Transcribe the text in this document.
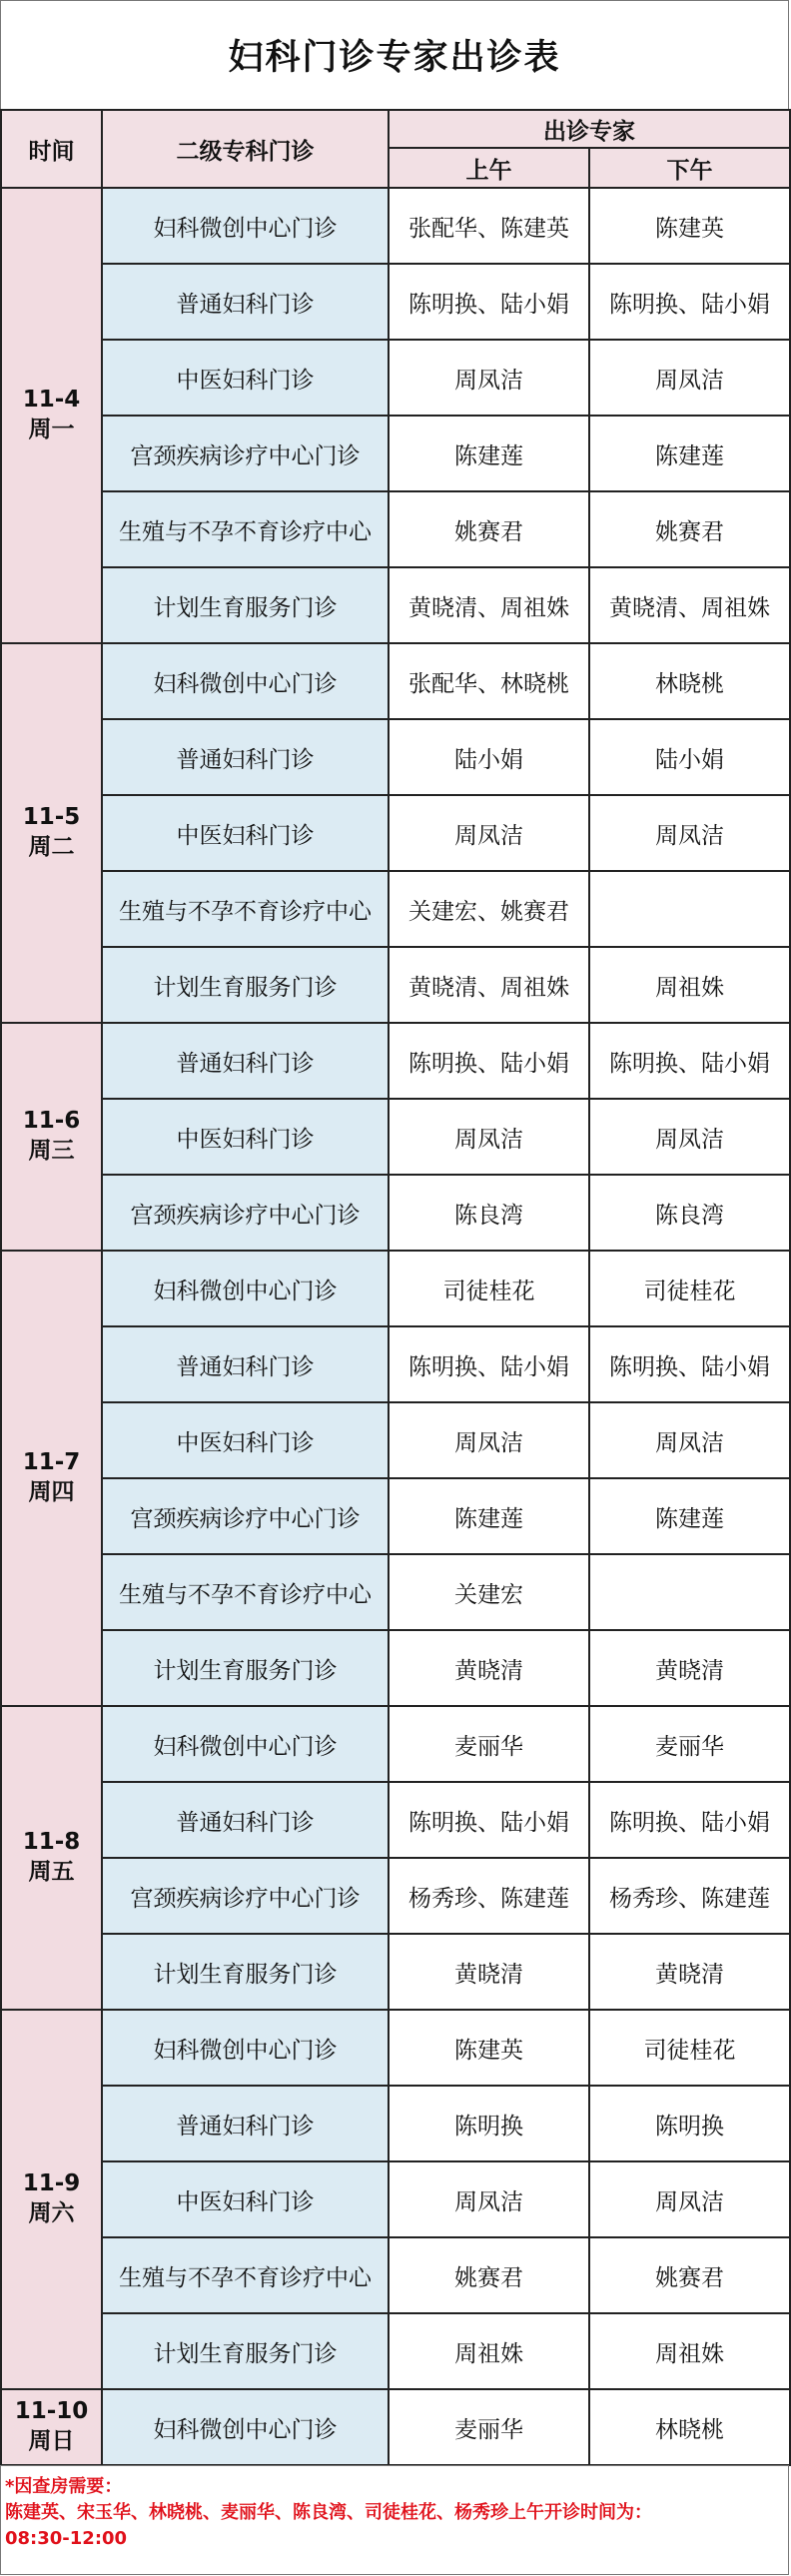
妇科门诊专家出诊表
时间	二级专科门诊	出诊专家	
		上午	下午

11-4
周一	妇科微创中心门诊	张配华、陈建英	陈建英
	普通妇科门诊	陈明换、陆小娟	陈明换、陆小娟
	中医妇科门诊	周凤洁	周凤洁
	宫颈疾病诊疗中心门诊	陈建莲	陈建莲
	生殖与不孕不育诊疗中心	姚赛君	姚赛君
	计划生育服务门诊	黄晓清、周祖姝	黄晓清、周祖姝

11-5
周二	妇科微创中心门诊	张配华、林晓桃	林晓桃
	普通妇科门诊	陆小娟	陆小娟
	中医妇科门诊	周凤洁	周凤洁
	生殖与不孕不育诊疗中心	关建宏、姚赛君	
	计划生育服务门诊	黄晓清、周祖姝	周祖姝

11-6
周三	普通妇科门诊	陈明换、陆小娟	陈明换、陆小娟
	中医妇科门诊	周凤洁	周凤洁
	宫颈疾病诊疗中心门诊	陈良湾	陈良湾

11-7
周四	妇科微创中心门诊	司徒桂花	司徒桂花
	普通妇科门诊	陈明换、陆小娟	陈明换、陆小娟
	中医妇科门诊	周凤洁	周凤洁
	宫颈疾病诊疗中心门诊	陈建莲	陈建莲
	生殖与不孕不育诊疗中心	关建宏	
	计划生育服务门诊	黄晓清	黄晓清

11-8
周五	妇科微创中心门诊	麦丽华	麦丽华
	普通妇科门诊	陈明换、陆小娟	陈明换、陆小娟
	宫颈疾病诊疗中心门诊	杨秀珍、陈建莲	杨秀珍、陈建莲
	计划生育服务门诊	黄晓清	黄晓清

11-9
周六	妇科微创中心门诊	陈建英	司徒桂花
	普通妇科门诊	陈明换	陈明换
	中医妇科门诊	周凤洁	周凤洁
	生殖与不孕不育诊疗中心	姚赛君	姚赛君
	计划生育服务门诊	周祖姝	周祖姝

11-10
周日	妇科微创中心门诊	麦丽华	林晓桃
*因查房需要：
陈建英、宋玉华、林晓桃、麦丽华、陈良湾、司徒桂花、杨秀珍上午开诊时间为：
08:30-12:00
